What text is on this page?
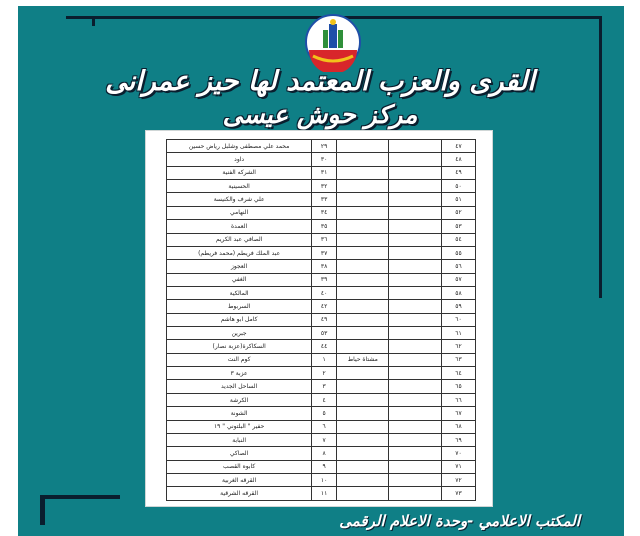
القرى والعزب المعتمد لها حيز عمرانى
مركز حوش عيسى
محمد علي مصطفى وشلبل رياض حسين	٢٩			٤٧
داود	٣٠			٤٨
الشركه الفنية	٣١			٤٩
الحسينية	٣٢			٥٠
علي شرف والكنيسة	٣٣			٥١
النهامي	٣٤			٥٢
العمدة	٣٥			٥٣
الصافي عبد الكريم	٣٦			٥٤
عبد الملك فريطم (محمد فريطم)	٣٧			٥٥
العجوز	٣٨			٥٦
الغفي	٣٩			٥٧
المالكية	٤٠			٥٨
السربوط	٤٢			٥٩
كامل ابو هاشم	٤٩			٦٠
جبرين	٥٣			٦١
السكاكرة(عزبة نصار)	٤٤			٦٢
كوم النت	١	مشتاة حياط		٦٣
عزبة ٣	٢			٦٤
الساحل الجديد	٣			٦٥
الكرشة	٤			٦٦
الشونة	٥			٦٧
حفير " البلتوني " ١٩	٦			٦٨
النبابة	٧			٦٩
الصاكي	٨			٧٠
كابوه القصب	٩			٧١
القرقه الغربية	١٠			٧٢
القرقه الشرقية	١١			٧٣
المكتب الاعلامي -وحدة الاعلام الرقمى
